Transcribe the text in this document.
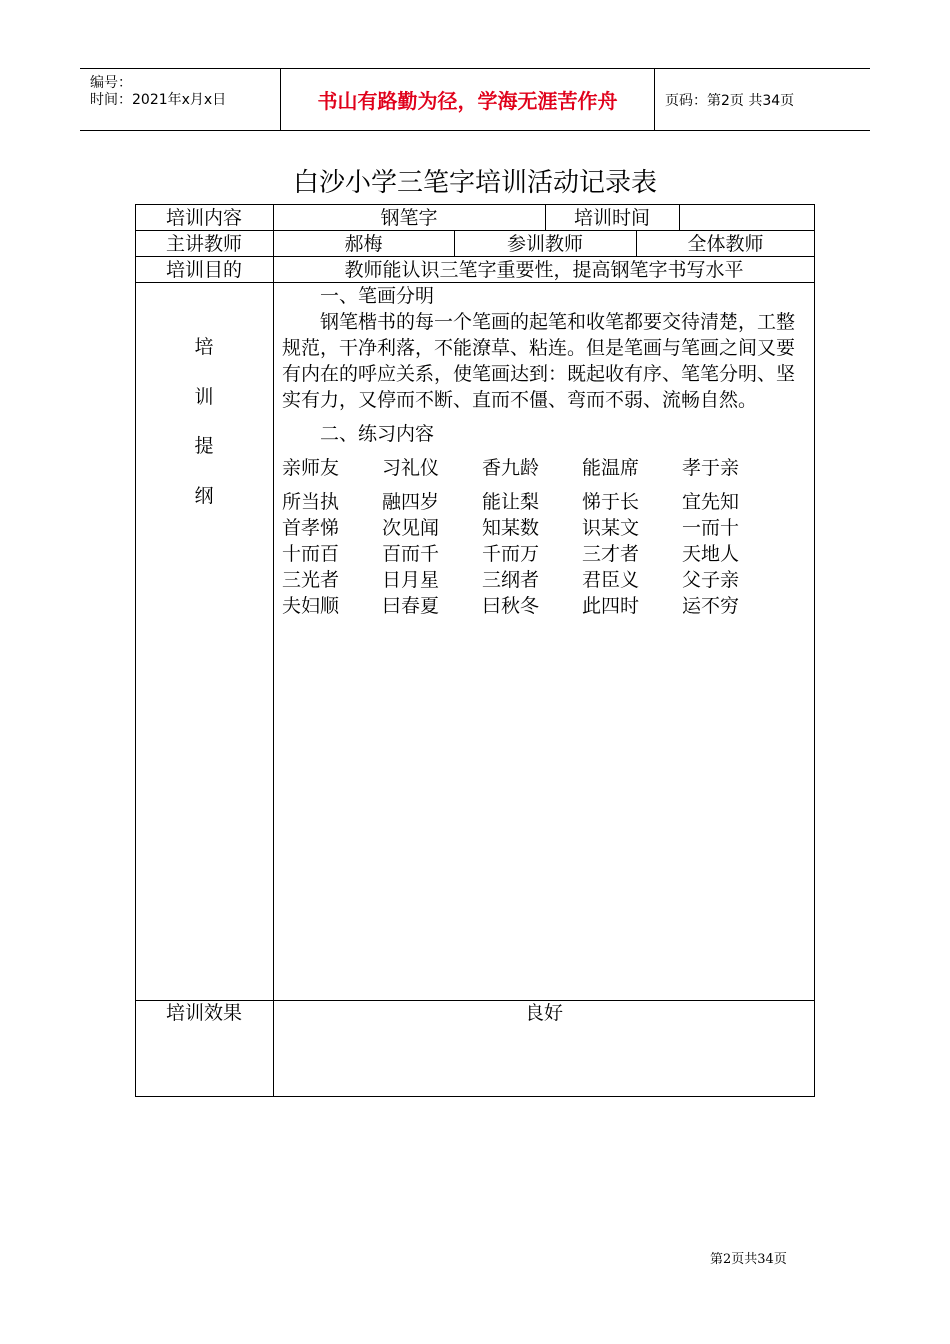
编号：
时间：2021年x月x日	书山有路勤为径，学海无涯苦作舟	页码：第2页 共34页
白沙小学三笔字培训活动记录表
培训内容	钢笔字	培训时间
主讲教师	郝梅	参训教师	全体教师
培训目的	教师能认识三笔字重要性，提高钢笔字书写水平
培
训
提
纲
一、笔画分明
钢笔楷书的每一个笔画的起笔和收笔都要交待清楚，工整规范，干净利落，不能潦草、粘连。但是笔画与笔画之间又要有内在的呼应关系，使笔画达到：既起收有序、笔笔分明、坚实有力，又停而不断、直而不僵、弯而不弱、流畅自然。
二、练习内容
亲师友	习礼仪	香九龄	能温席	孝于亲
所当执	融四岁	能让梨	悌于长	宜先知
首孝悌	次见闻	知某数	识某文	一而十
十而百	百而千	千而万	三才者	天地人
三光者	日月星	三纲者	君臣义	父子亲
夫妇顺	曰春夏	曰秋冬	此四时	运不穷
培训效果	良好
第2页共34页
